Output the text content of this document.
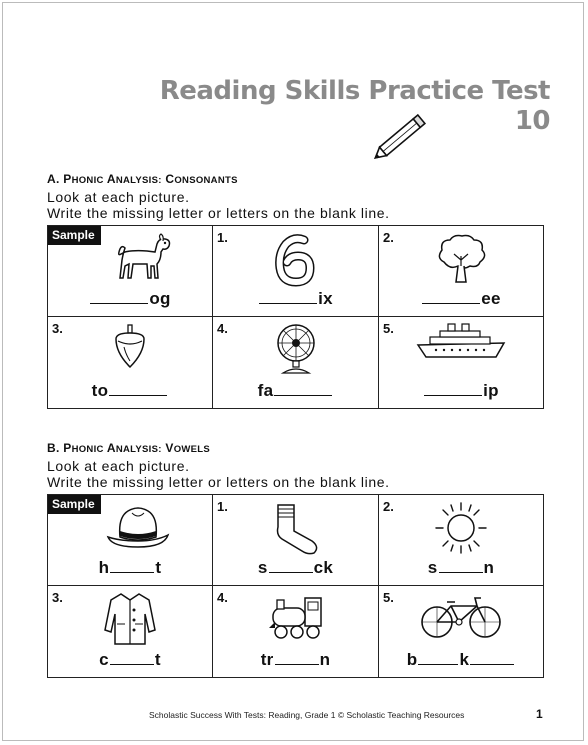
Reading Skills Practice Test 10
A. PHONIC ANALYSIS: CONSONANTS
Look at each picture.
Write the missing letter or letters on the blank line.
Sample
og
1.
ix
2.
ee
3.
to
4.
fa
5.
ip
B. PHONIC ANALYSIS: VOWELS
Look at each picture.
Write the missing letter or letters on the blank line.
Sample
h	t
1.
s	ck
2.
s	n
3.
c	t
4.
tr	n
5.
b k
Scholastic Success With Tests: Reading, Grade 1 © Scholastic Teaching Resources	1
